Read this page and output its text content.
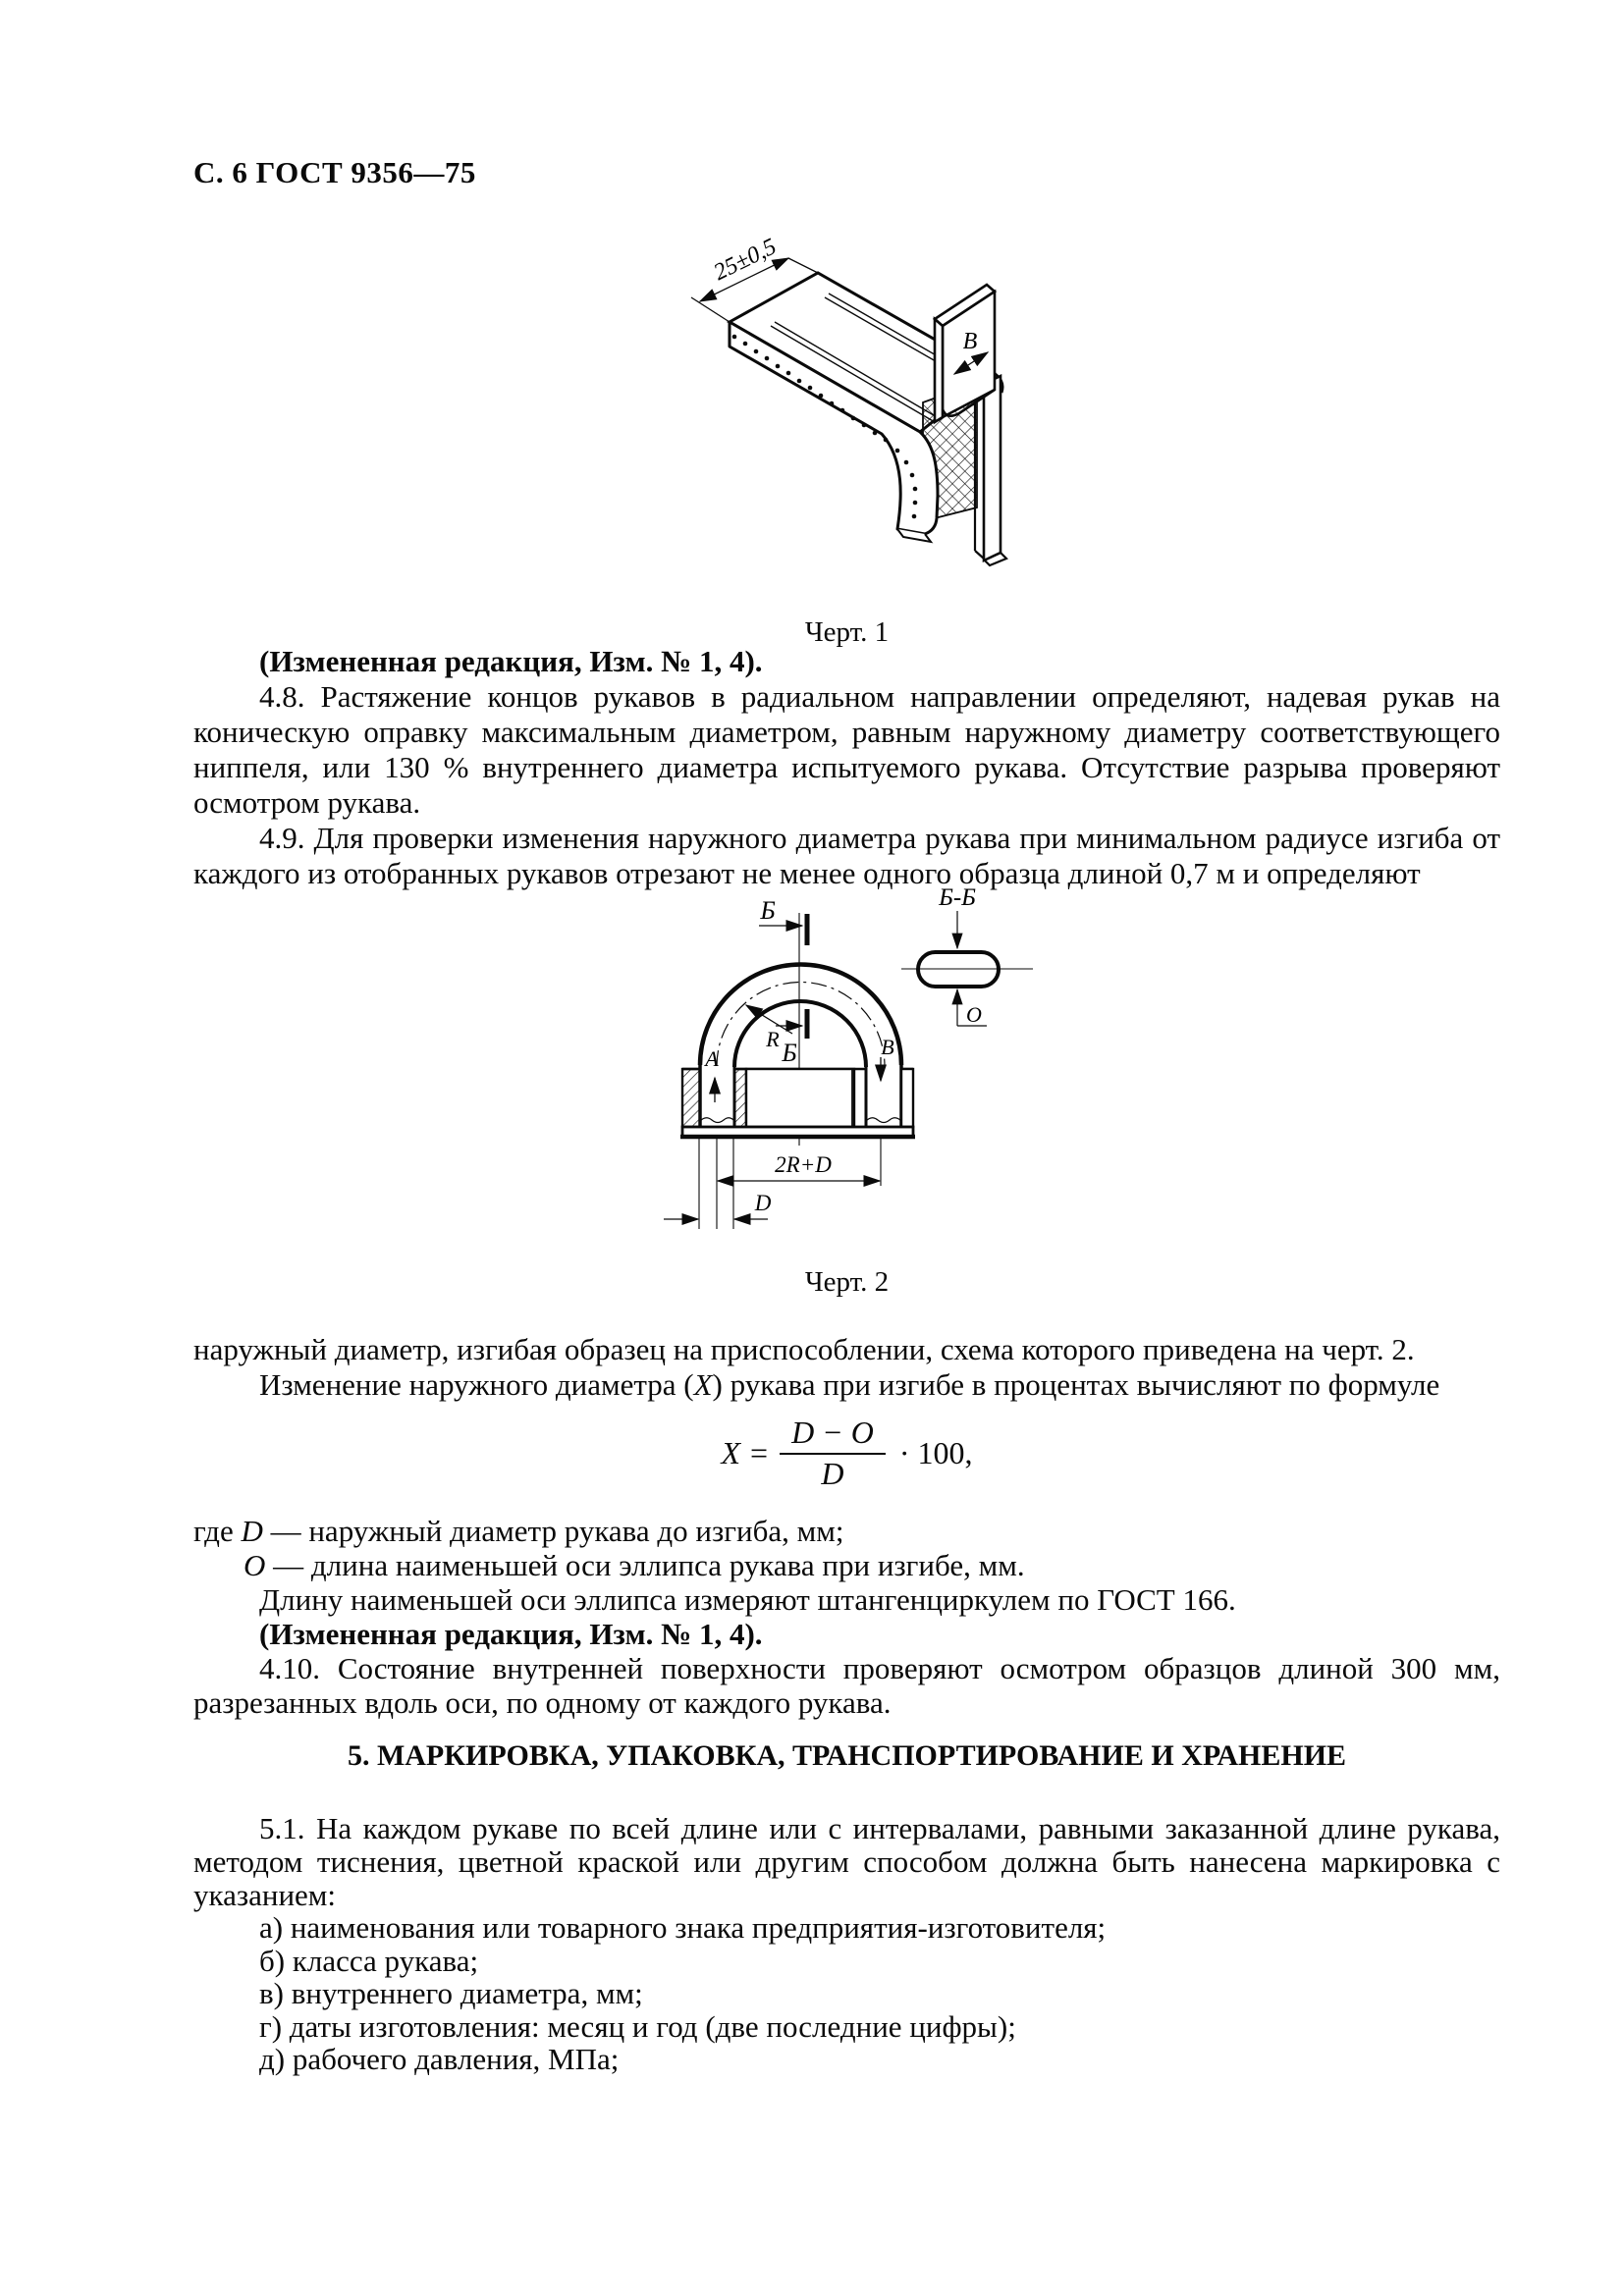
С. 6 ГОСТ 9356—75
25±0,5
В
Черт. 1
(Измененная редакция, Изм. № 1, 4).
4.8. Растяжение концов рукавов в радиальном направлении определяют, надевая рукав на коническую оправку максимальным диаметром, равным наружному диаметру соответствующего ниппеля, или 130 % внутреннего диаметра испытуемого рукава. Отсутствие разрыва проверяют осмотром рукава.
4.9. Для проверки изменения наружного диаметра рукава при минимальном радиусе изгиба от каждого из отобранных рукавов отрезают не менее одного образца длиной 0,7 м и определяют
Б
Б
R
А	В
2R+D
D
Б-Б
О
Черт. 2
наружный диаметр, изгибая образец на приспособлении, схема которого приведена на черт. 2.
Изменение наружного диаметра (X) рукава при изгибе в процентах вычисляют по формуле
$X = \frac{D - О}{D} \cdot 100$,
где D — наружный диаметр рукава до изгиба, мм;
О — длина наименьшей оси эллипса рукава при изгибе, мм.
Длину наименьшей оси эллипса измеряют штангенциркулем по ГОСТ 166.
(Измененная редакция, Изм. № 1, 4).
4.10. Состояние внутренней поверхности проверяют осмотром образцов длиной 300 мм, разрезанных вдоль оси, по одному от каждого рукава.
5. МАРКИРОВКА, УПАКОВКА, ТРАНСПОРТИРОВАНИЕ И ХРАНЕНИЕ
5.1. На каждом рукаве по всей длине или с интервалами, равными заказанной длине рукава, методом тиснения, цветной краской или другим способом должна быть нанесена маркировка с указанием:
а) наименования или товарного знака предприятия-изготовителя;
б) класса рукава;
в) внутреннего диаметра, мм;
г) даты изготовления: месяц и год (две последние цифры);
д) рабочего давления, МПа;
